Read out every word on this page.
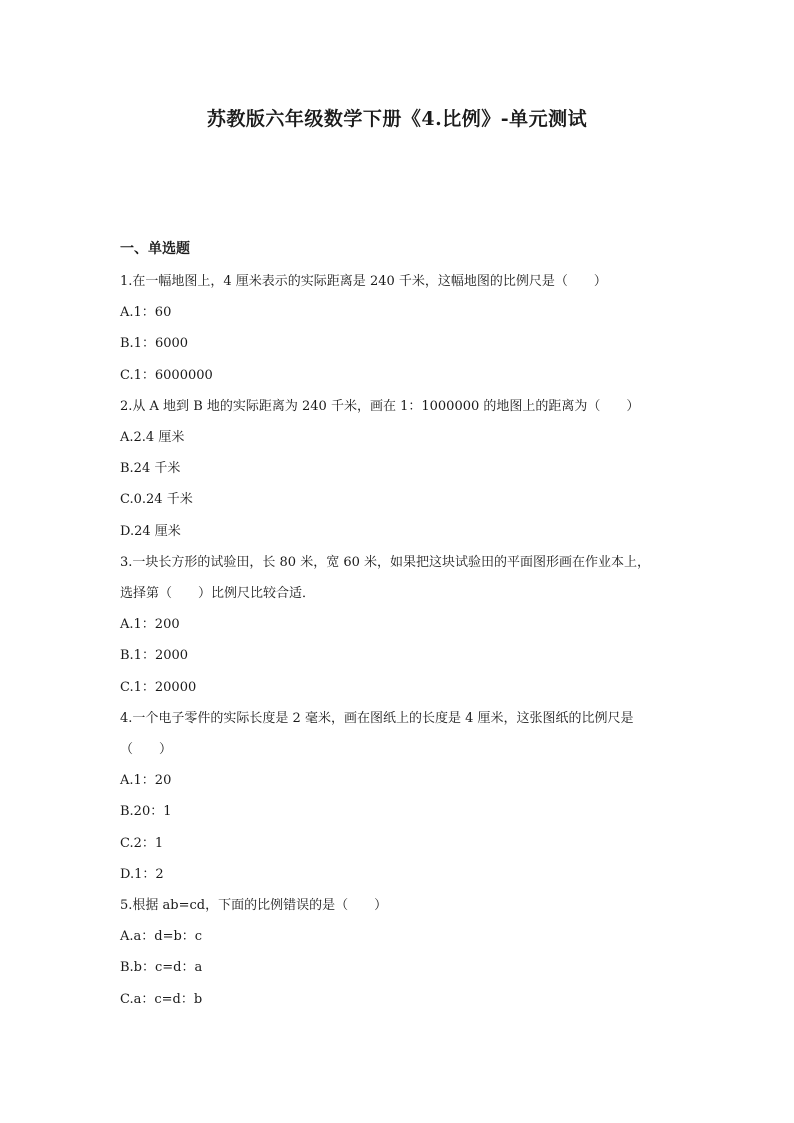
苏教版六年级数学下册《4.比例》-单元测试
一、单选题
1.在一幅地图上，4 厘米表示的实际距离是 240 千米，这幅地图的比例尺是（　　）
A.1：60
B.1：6000
C.1：6000000
2.从 A 地到 B 地的实际距离为 240 千米，画在 1：1000000 的地图上的距离为（　　）
A.2.4 厘米
B.24 千米
C.0.24 千米
D.24 厘米
3.一块长方形的试验田，长 80 米，宽 60 米，如果把这块试验田的平面图形画在作业本上，
选择第（　　）比例尺比较合适．
A.1：200
B.1：2000
C.1：20000
4.一个电子零件的实际长度是 2 毫米，画在图纸上的长度是 4 厘米，这张图纸的比例尺是
（　　）
A.1：20
B.20：1
C.2：1
D.1：2
5.根据 ab=cd，下面的比例错误的是（　　）
A.a：d=b：c
B.b：c=d：a
C.a：c=d：b
